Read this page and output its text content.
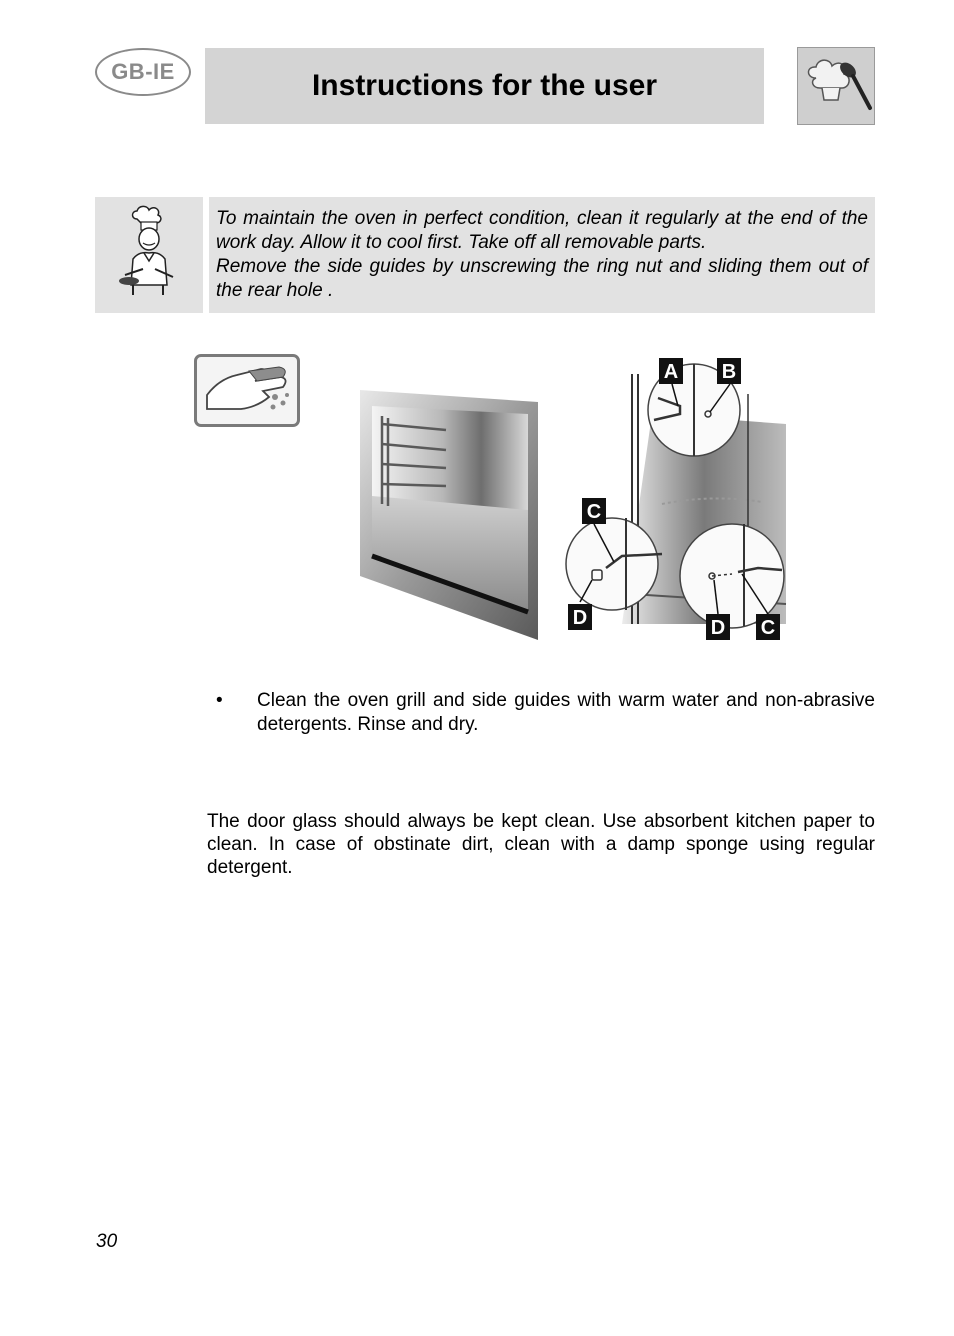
GB-IE	Instructions for the user

To maintain the oven in perfect condition, clean it regularly at the end of the work day. Allow it to cool first. Take off all removable parts.

Remove the side guides by unscrewing the ring nut and sliding them out of the rear hole .

A B
C
D	D C
• Clean the oven grill and side guides with warm water and non-abrasive detergents. Rinse and dry.
The door glass should always be kept clean. Use absorbent kitchen paper to clean. In case of obstinate dirt, clean with a damp sponge using regular detergent.
30
